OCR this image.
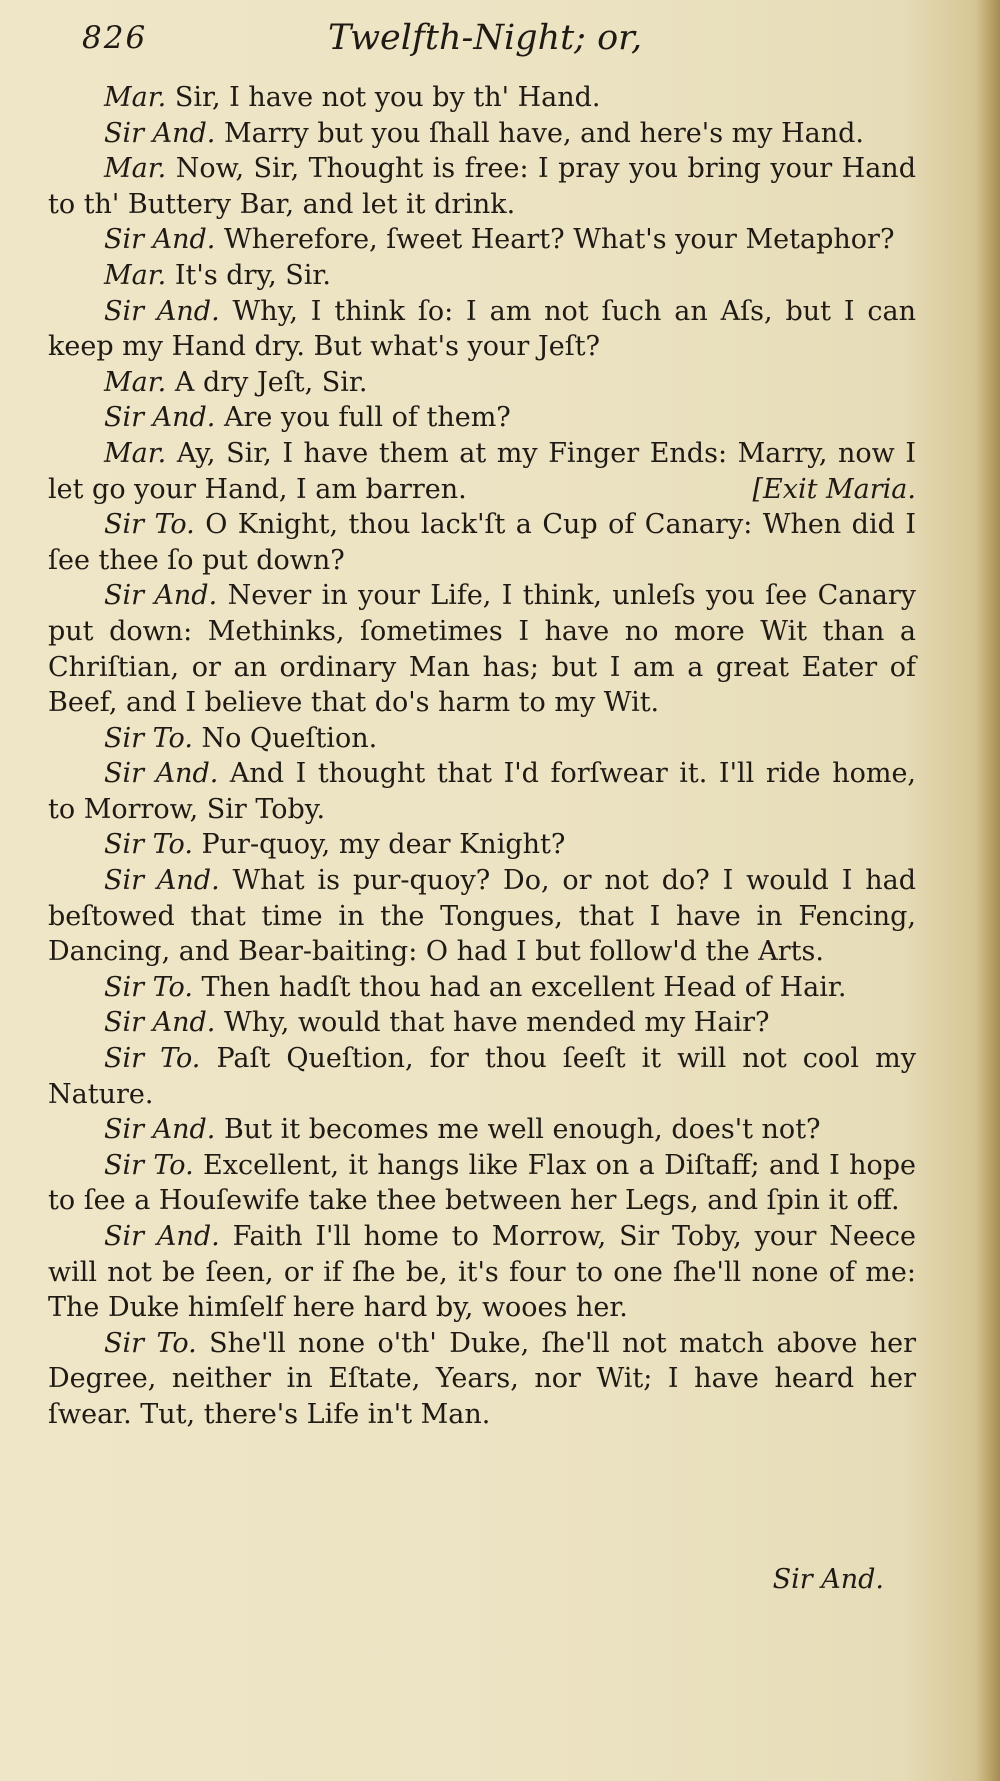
826	Twelfth-Night; or,

Mar. Sir, I have not you by th' Hand.

Sir And. Marry but you ſhall have, and here's my Hand.

Mar. Now, Sir, Thought is free: I pray you bring your Hand to th' Buttery Bar, and let it drink.

Sir And. Wherefore, ſweet Heart? What's your Metaphor?

Mar. It's dry, Sir.

Sir And. Why, I think ſo: I am not ſuch an Aſs, but I can keep my Hand dry. But what's your Jeſt?

Mar. A dry Jeſt, Sir.

Sir And. Are you full of them?

Mar. Ay, Sir, I have them at my Finger Ends: Marry, now I let go your Hand, I am barren.	[Exit Maria.

Sir To. O Knight, thou lack'ſt a Cup of Canary: When did I ſee thee ſo put down?

Sir And. Never in your Life, I think, unleſs you ſee Canary put down: Methinks, ſometimes I have no more Wit than a Chriſtian, or an ordinary Man has; but I am a great Eater of Beef, and I believe that do's harm to my Wit.

Sir To. No Queſtion.

Sir And. And I thought that I'd forſwear it. I'll ride home, to Morrow, Sir Toby.

Sir To. Pur-quoy, my dear Knight?

Sir And. What is pur-quoy? Do, or not do? I would I had beſtowed that time in the Tongues, that I have in Fencing, Dancing, and Bear-baiting: O had I but follow'd the Arts.

Sir To. Then hadſt thou had an excellent Head of Hair.

Sir And. Why, would that have mended my Hair?

Sir To. Paſt Queſtion, for thou ſeeſt it will not cool my Nature.

Sir And. But it becomes me well enough, does't not?

Sir To. Excellent, it hangs like Flax on a Diſtaff; and I hope to ſee a Houſewife take thee between her Legs, and ſpin it off.

Sir And. Faith I'll home to Morrow, Sir Toby, your Neece will not be ſeen, or if ſhe be, it's four to one ſhe'll none of me: The Duke himſelf here hard by, wooes her.

Sir To. She'll none o'th' Duke, ſhe'll not match above her Degree, neither in Eſtate, Years, nor Wit; I have heard her ſwear. Tut, there's Life in't Man.

Sir And.
